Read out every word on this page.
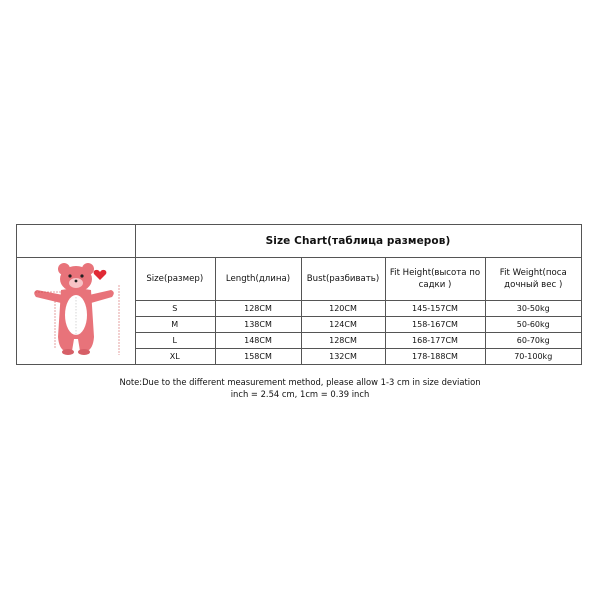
Size Chart(таблица размеров)
Size(размер)	Length(длина)	Bust(разбивать)	Fit Height(высота по садки )	Fit Weight(поса дочный вес )
S	128CM	120CM	145-157CM	30-50kg
M	138CM	124CM	158-167CM	50-60kg
L	148CM	128CM	168-177CM	60-70kg
XL	158CM	132CM	178-188CM	70-100kg
Note:Due to the different measurement method, please allow 1-3 cm in size deviation
inch = 2.54 cm, 1cm = 0.39 inch
